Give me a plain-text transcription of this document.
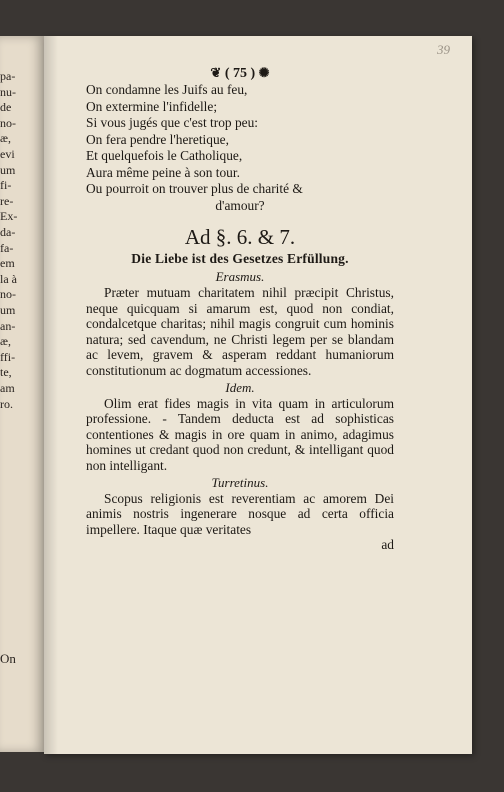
pa-
nu-
de
no-
æ,
evi
um
fi-
re-
Ex-
da-
fa-
em
la à
no-
um
an-
æ,
ffi-
te,
am
ro.
On
39
❦ ( 75 ) ✺
On condamne les Juifs au feu,
On extermine l'infidelle;
Si vous jugés que c'est trop peu:
On fera pendre l'heretique,
Et quelquefois le Catholique,
Aura même peine à son tour.
Ou pourroit on trouver plus de charité &
d'amour?
Ad §. 6. & 7.
Die Liebe ist des Gesetzes Erfüllung.
Erasmus.
Præter mutuam charitatem nihil præcipit Christus, neque quicquam si amarum est, quod non condiat, condalcetque charitas; nihil magis congruit cum hominis natura; sed cavendum, ne Christi legem per se blandam ac levem, gravem & asperam reddant humaniorum constitutionum ac dogmatum accessiones.
Idem.
Olim erat fides magis in vita quam in articulorum professione. - Tandem deducta est ad sophisticas contentiones & magis in ore quam in animo, adagimus homines ut credant quod non credunt, & intelligant quod non intelligant.
Turretinus.
Scopus religionis est reverentiam ac amorem Dei animis nostris ingenerare nosque ad certa officia impellere. Itaque quæ veritates
ad
